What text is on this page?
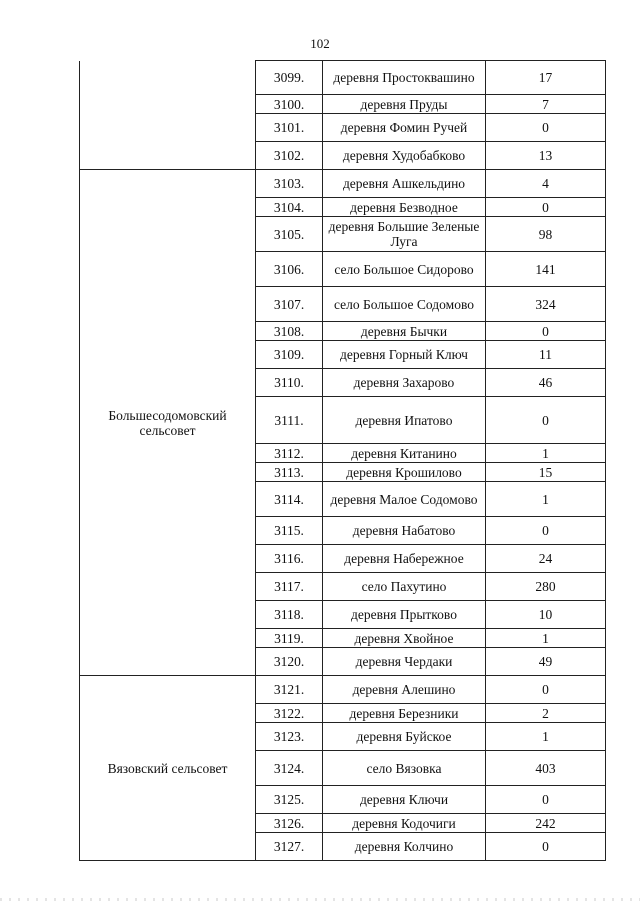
102
	3099.	деревня Простоквашино	17
	3100.	деревня Пруды	7
	3101.	деревня Фомин Ручей	0
	3102.	деревня Худобабково	13
Большесодомовский сельсовет	3103.	деревня Ашкельдино	4
	3104.	деревня Безводное	0
	3105.	деревня Большие Зеленые Луга	98
	3106.	село Большое Сидорово	141
	3107.	село Большое Содомово	324
	3108.	деревня Бычки	0
	3109.	деревня Горный Ключ	11
	3110.	деревня Захарово	46
	3111.	деревня Ипатово	0
	3112.	деревня Китанино	1
	3113.	деревня Крошилово	15
	3114.	деревня Малое Содомово	1
	3115.	деревня Набатово	0
	3116.	деревня Набережное	24
	3117.	село Пахутино	280
	3118.	деревня Прытково	10
	3119.	деревня Хвойное	1
	3120.	деревня Чердаки	49
Вязовский сельсовет	3121.	деревня Алешино	0
	3122.	деревня Березники	2
	3123.	деревня Буйское	1
	3124.	село Вязовка	403
	3125.	деревня Ключи	0
	3126.	деревня Кодочиги	242
	3127.	деревня Колчино	0
